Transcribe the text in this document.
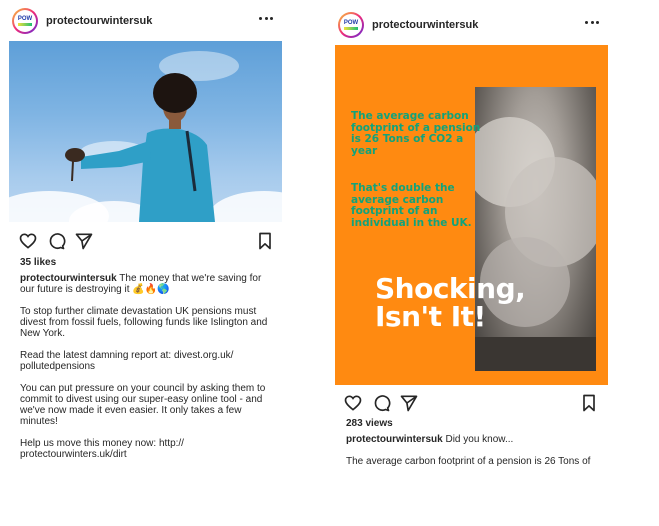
POW protectourwintersuk
35 likes

protectourwintersuk The money that we're saving for our future is destroying it 💰🔥🌎

To stop further climate devastation UK pensions must divest from fossil fuels, following funds like Islington and New York.

Read the latest damning report at: divest.org.uk/ pollutedpensions

You can put pressure on your council by asking them to commit to divest using our super-easy online tool - and we've now made it even easier. It only takes a few minutes!

Help us move this money now: http:// protectourwinters.uk/dirt

POW protectourwintersuk
The average carbon footprint of a pension is 26 Tons of CO2 a year
That's double the average carbon footprint of an individual in the UK.
Shocking,
Isn't It!
283 views

protectourwintersuk Did you know...

The average carbon footprint of a pension is 26 Tons of
